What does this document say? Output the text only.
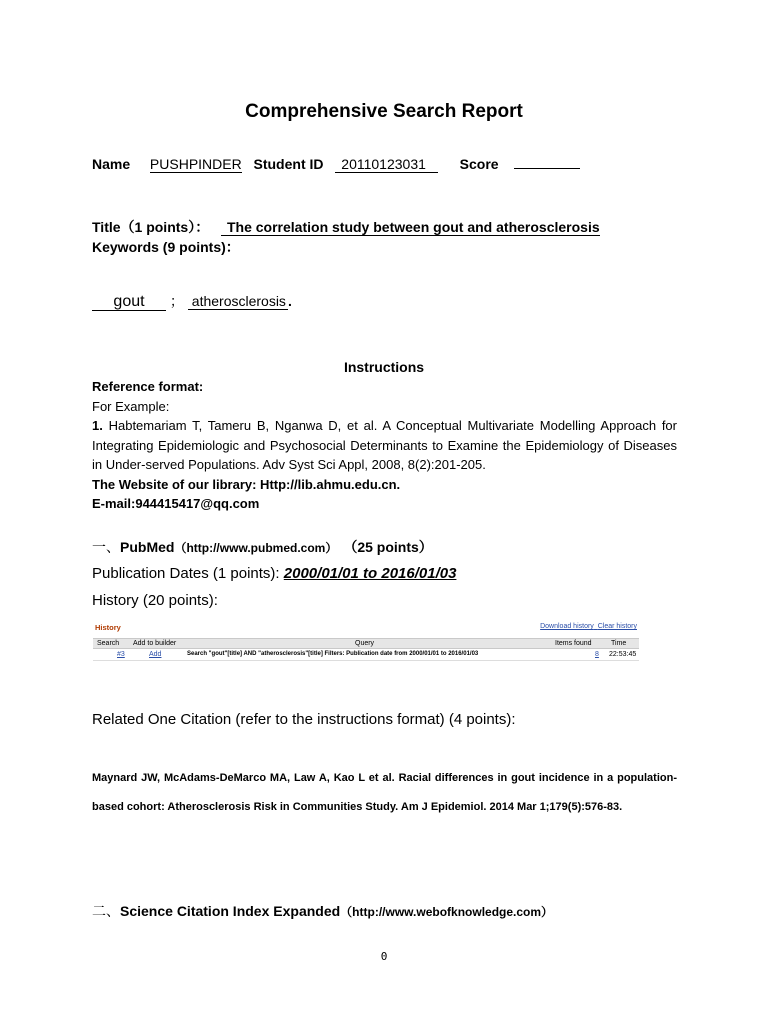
Comprehensive Search Report
Name PUSHPINDER Student ID 20110123031 Score
Title（1 points）： The correlation study between gout and atherosclerosis
Keywords (9 points)：
gout ； atherosclerosis .
Instructions
Reference format:
For Example:
1. Habtemariam T, Tameru B, Nganwa D, et al. A Conceptual Multivariate Modelling Approach for Integrating Epidemiologic and Psychosocial Determinants to Examine the Epidemiology of Diseases in Under-served Populations. Adv Syst Sci Appl, 2008, 8(2):201-205.
The Website of our library: Http://lib.ahmu.edu.cn.
E-mail:944415417@qq.com
一、PubMed（http://www.pubmed.com） （25 points）
Publication Dates (1 points): 2000/01/01 to 2016/01/03
History (20 points):
History	Download history Clear history
Search Add to builder	Query	Items found	Time
#3	Add	Search "gout"[title] AND "atherosclerosis"[title] Filters: Publication date from 2000/01/01 to 2016/01/03	8 22:53:45
Related One Citation (refer to the instructions format) (4 points):
Maynard JW, McAdams-DeMarco MA, Law A, Kao L et al. Racial differences in gout incidence in a population-based cohort: Atherosclerosis Risk in Communities Study. Am J Epidemiol. 2014 Mar 1;179(5):576-83.
二、Science Citation Index Expanded（http://www.webofknowledge.com）
0
